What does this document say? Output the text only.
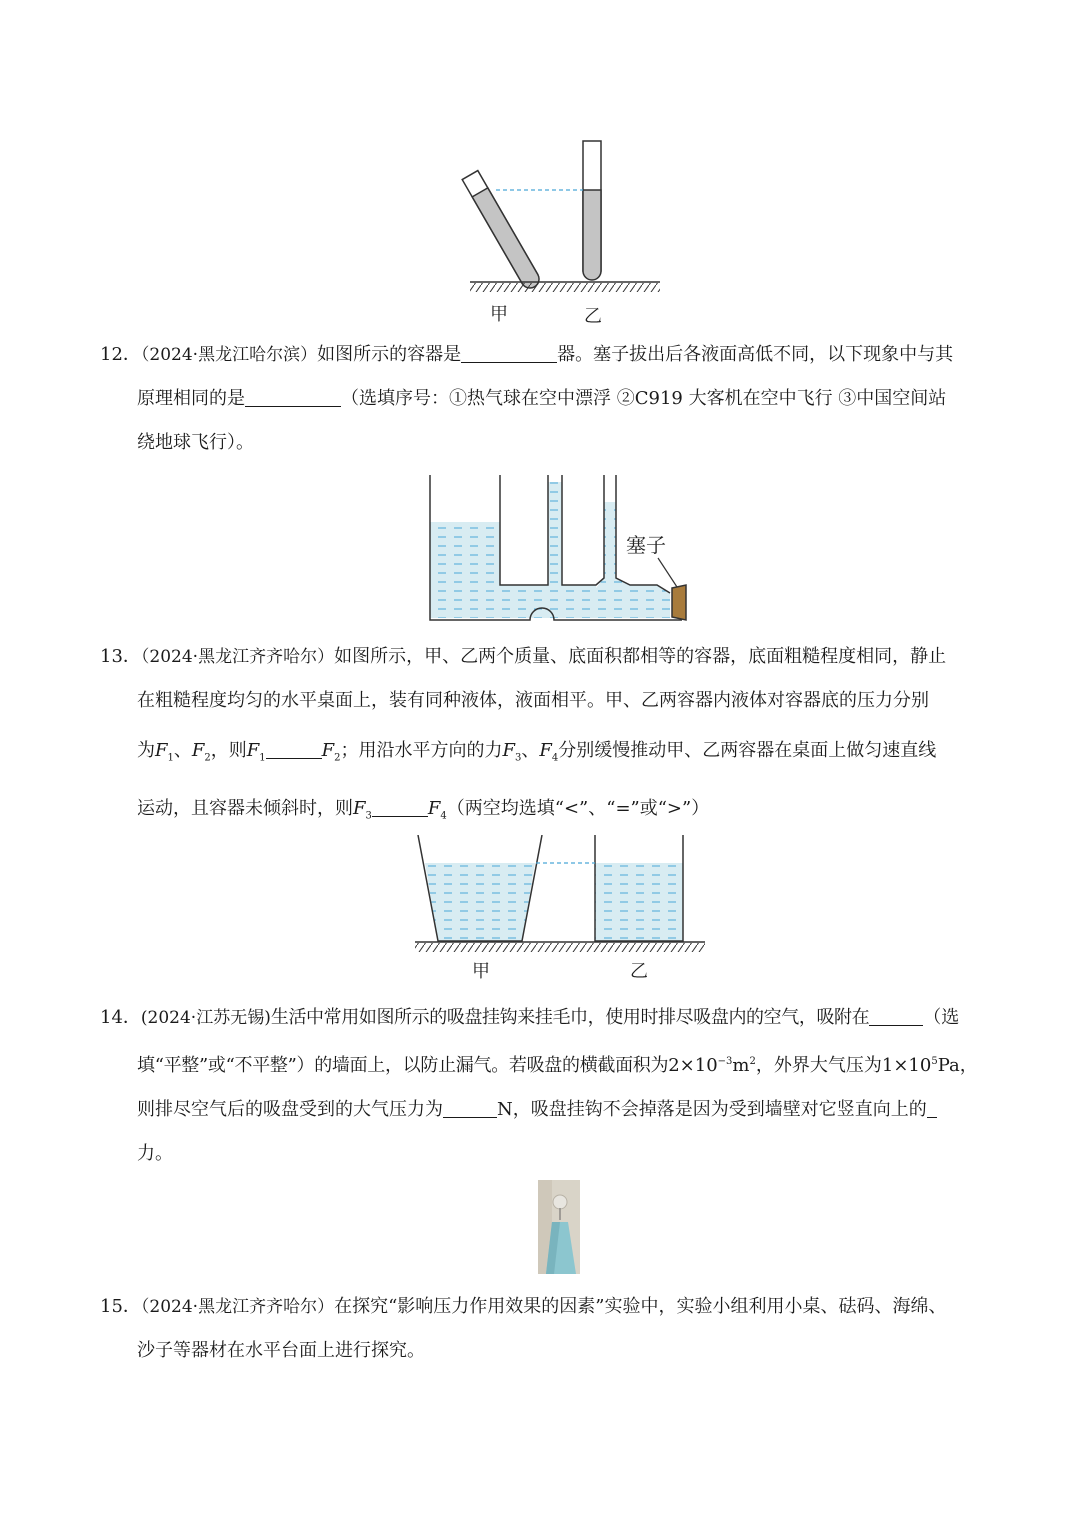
甲	乙

12．（2024·黑龙江哈尔滨）如图所示的容器是	器。塞子拔出后各液面高低不同，以下现象中与其

原理相同的是	（选填序号：①热气球在空中漂浮 ②C919 大客机在空中飞行 ③中国空间站

绕地球飞行）。

塞子

13．（2024·黑龙江齐齐哈尔）如图所示，甲、乙两个质量、底面积都相等的容器，底面粗糙程度相同，静止

在粗糙程度均匀的水平桌面上，装有同种液体，液面相平。甲、乙两容器内液体对容器底的压力分别

为$F_1$、$F_2$，则$F_1$	$F_2$；用沿水平方向的力$F_3$、$F_4$分别缓慢推动甲、乙两容器在桌面上做匀速直线

运动，且容器未倾斜时，则$F_3$	$F_4$（两空均选填“<”、“=”或“>”）

甲	乙

14．(2024·江苏无锡)生活中常用如图所示的吸盘挂钩来挂毛巾，使用时排尽吸盘内的空气，吸附在	（选

填“平整”或“不平整”）的墙面上，以防止漏气。若吸盘的横截面积为$2\times 10^{-3}m^2$，外界大气压为$1\times 10^5Pa$，

则排尽空气后的吸盘受到的大气压力为	N，吸盘挂钩不会掉落是因为受到墙壁对它竖直向上的

力。

15．（2024·黑龙江齐齐哈尔）在探究“影响压力作用效果的因素”实验中，实验小组利用小桌、砝码、海绵、

沙子等器材在水平台面上进行探究。
